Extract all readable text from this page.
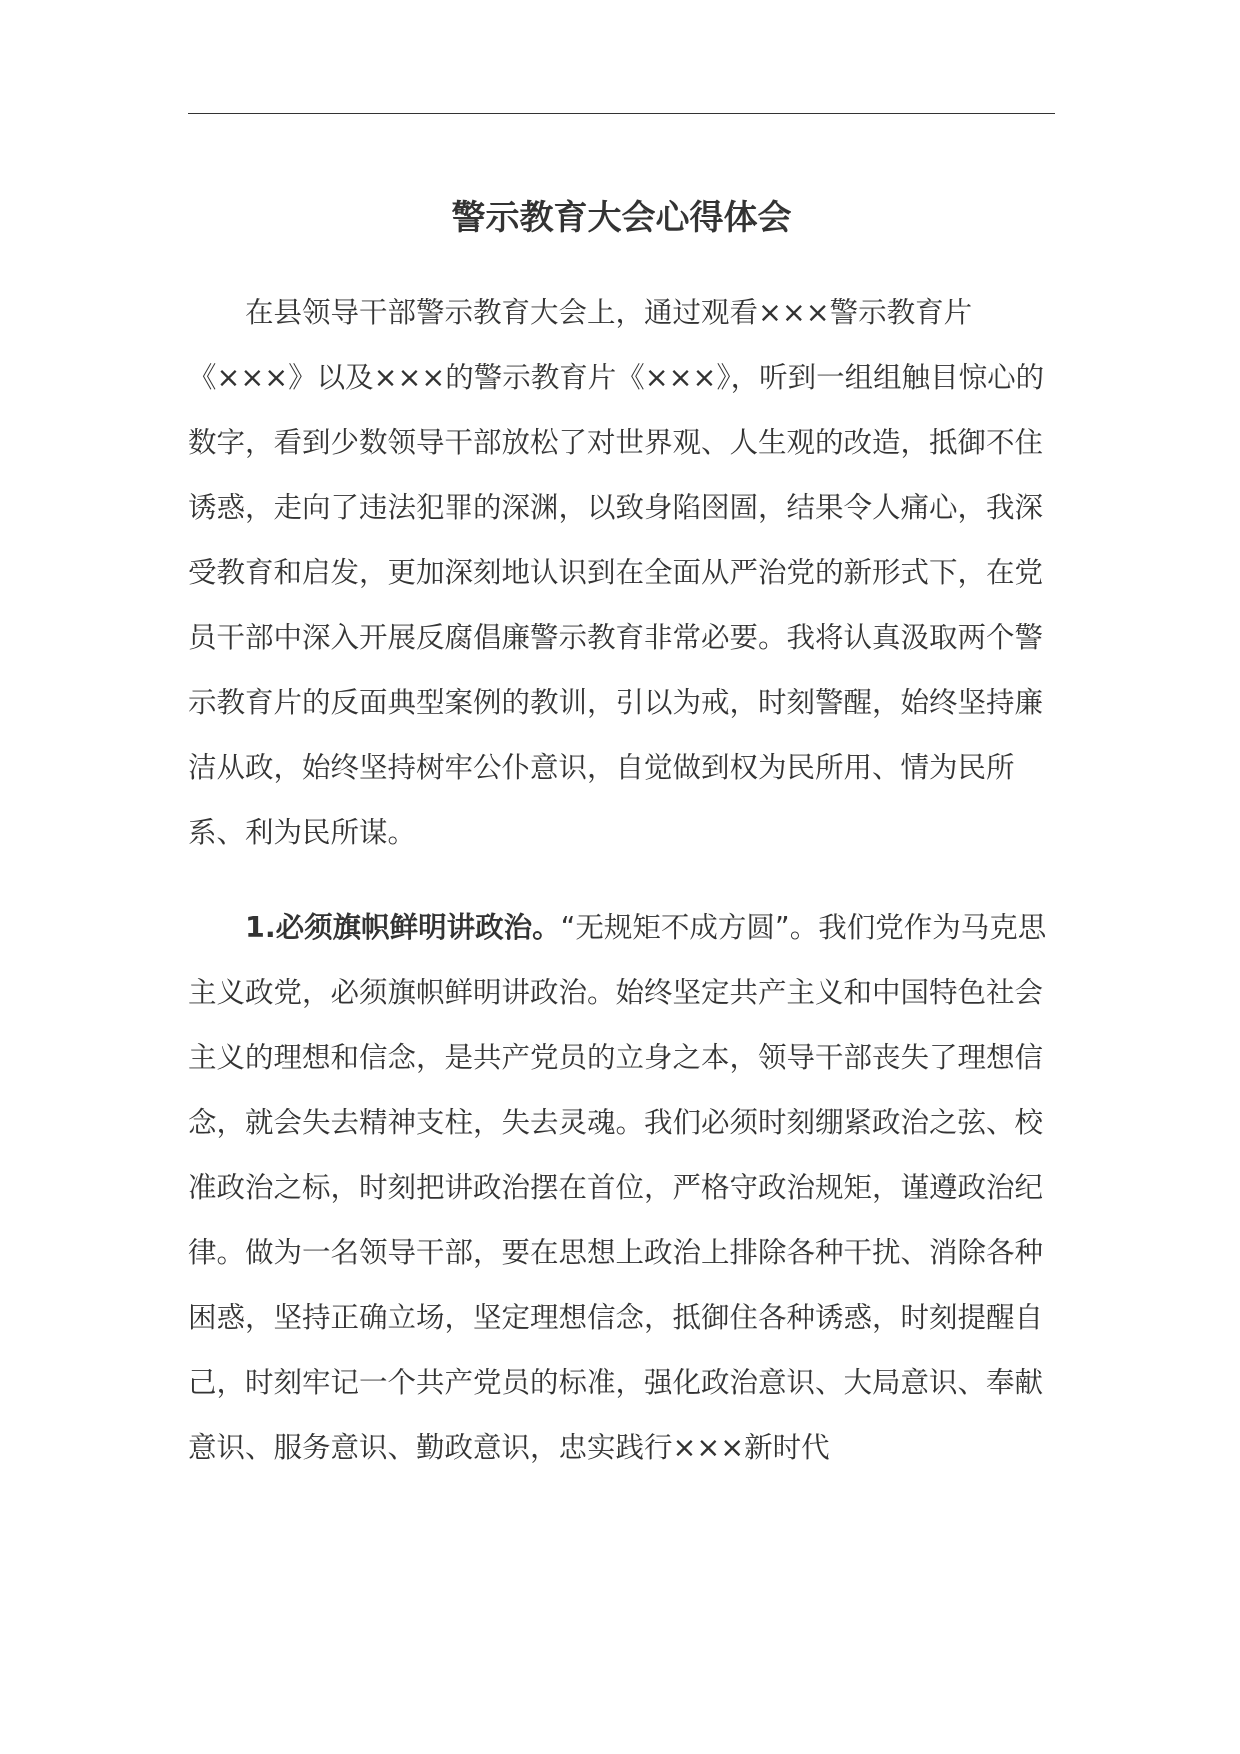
警示教育大会心得体会

在县领导干部警示教育大会上，通过观看×××警示教育片《×××》以及×××的警示教育片《×××》，听到一组组触目惊心的数字，看到少数领导干部放松了对世界观、人生观的改造，抵御不住诱惑，走向了违法犯罪的深渊，以致身陷囹圄，结果令人痛心，我深受教育和启发，更加深刻地认识到在全面从严治党的新形式下，在党员干部中深入开展反腐倡廉警示教育非常必要。我将认真汲取两个警示教育片的反面典型案例的教训，引以为戒，时刻警醒，始终坚持廉洁从政，始终坚持树牢公仆意识，自觉做到权为民所用、情为民所系、利为民所谋。

1.必须旗帜鲜明讲政治。“无规矩不成方圆”。我们党作为马克思主义政党，必须旗帜鲜明讲政治。始终坚定共产主义和中国特色社会主义的理想和信念，是共产党员的立身之本，领导干部丧失了理想信念，就会失去精神支柱，失去灵魂。我们必须时刻绷紧政治之弦、校准政治之标，时刻把讲政治摆在首位，严格守政治规矩，谨遵政治纪律。做为一名领导干部，要在思想上政治上排除各种干扰、消除各种困惑，坚持正确立场，坚定理想信念，抵御住各种诱惑，时刻提醒自己，时刻牢记一个共产党员的标准，强化政治意识、大局意识、奉献意识、服务意识、勤政意识，忠实践行×××新时代
